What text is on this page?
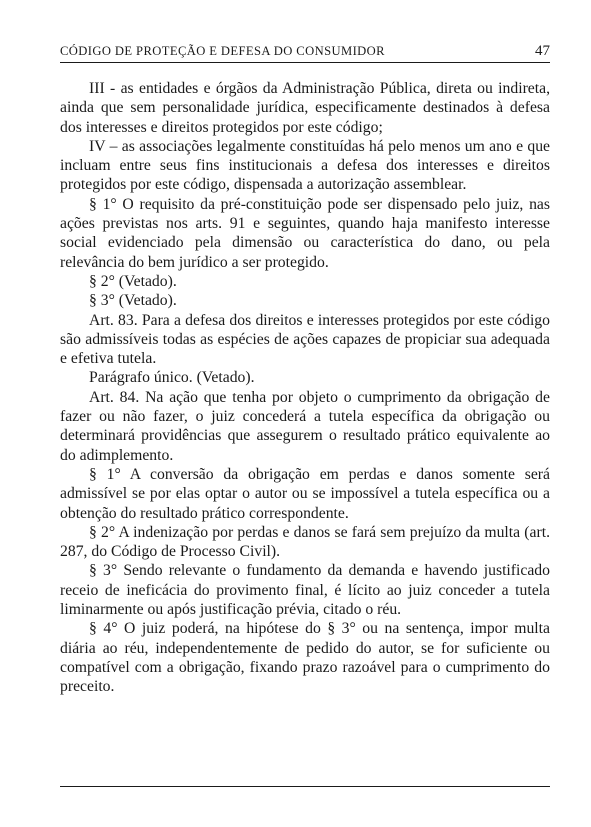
CÓDIGO DE PROTEÇÃO E DEFESA DO CONSUMIDOR	47

III - as entidades e órgãos da Administração Pública, direta ou indireta, ainda que sem personalidade jurídica, especificamente destinados à defesa dos interesses e direitos protegidos por este código;

IV – as associações legalmente constituídas há pelo menos um ano e que incluam entre seus fins institucionais a defesa dos interesses e direitos protegidos por este código, dispensada a autorização assemblear.

§ 1° O requisito da pré-constituição pode ser dispensado pelo juiz, nas ações previstas nos arts. 91 e seguintes, quando haja manifesto interesse social evidenciado pela dimensão ou característica do dano, ou pela relevância do bem jurídico a ser protegido.

§ 2° (Vetado).

§ 3° (Vetado).

Art. 83. Para a defesa dos direitos e interesses protegidos por este código são admissíveis todas as espécies de ações capazes de propiciar sua adequada e efetiva tutela.

Parágrafo único. (Vetado).

Art. 84. Na ação que tenha por objeto o cumprimento da obrigação de fazer ou não fazer, o juiz concederá a tutela específica da obrigação ou determinará providências que assegurem o resultado prático equivalente ao do adimplemento.

§ 1° A conversão da obrigação em perdas e danos somente será admissível se por elas optar o autor ou se impossível a tutela específica ou a obtenção do resultado prático correspondente.

§ 2° A indenização por perdas e danos se fará sem prejuízo da multa (art. 287, do Código de Processo Civil).

§ 3° Sendo relevante o fundamento da demanda e havendo justificado receio de ineficácia do provimento final, é lícito ao juiz conceder a tutela liminarmente ou após justificação prévia, citado o réu.

§ 4° O juiz poderá, na hipótese do § 3° ou na sentença, impor multa diária ao réu, independentemente de pedido do autor, se for suficiente ou compatível com a obrigação, fixando prazo razoável para o cumprimento do preceito.
